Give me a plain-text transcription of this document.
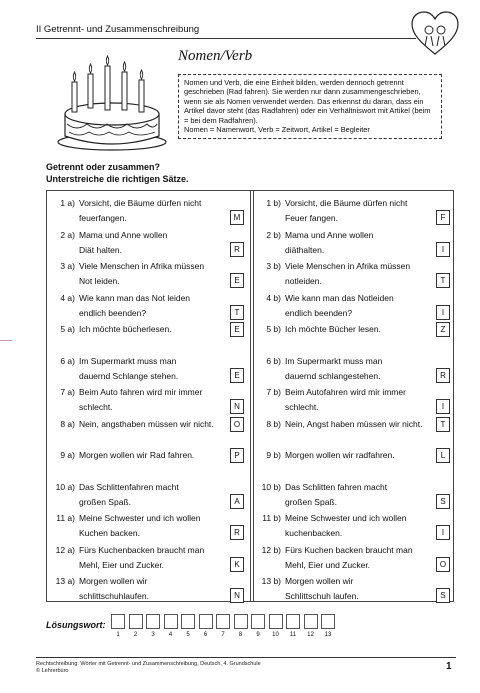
II Getrennt- und Zusammenschreibung
Nomen/Verb

Nomen und Verb, die eine Einheit bilden, werden dennoch getrennt geschrieben (Rad fahren). Sie werden nur dann zusammengeschrieben, wenn sie als Nomen verwendet werden. Das erkennst du daran, dass ein Artikel davor steht (das Radfahren) oder ein Verhältniswort mit Artikel (beim = bei dem Radfahren).

Nomen = Namenwort, Verb = Zeitwort, Artikel = Begleiter

Getrennt oder zusammen?
Unterstreiche die richtigen Sätze.
1 a) Vorsicht, die Bäume dürfen nicht
feuerfangen.	M
1 b) Vorsicht, die Bäume dürfen nicht
Feuer fangen.	F
2 a) Mama und Anne wollen
Diät halten.	R
2 b) Mama und Anne wollen
diäthalten.	I
3 a) Viele Menschen in Afrika müssen
Not leiden.	E
3 b) Viele Menschen in Afrika müssen
notleiden.	T
4 a) Wie kann man das Not leiden
endlich beenden?	T
4 b) Wie kann man das Notleiden
endlich beenden?	I
5 a) Ich möchte bücherlesen.	E	5 b) Ich möchte Bücher lesen.	Z
6 a) Im Supermarkt muss man
dauernd Schlange stehen.	E
6 b) Im Supermarkt muss man
dauernd schlangestehen.	R
7 a) Beim Auto fahren wird mir immer
schlecht.	N
7 b) Beim Autofahren wird mir immer
schlecht.	I
8 a) Nein, angsthaben müssen wir nicht.	O	8 b) Nein, Angst haben müssen wir nicht.	T
9 a) Morgen wollen wir Rad fahren.	P	9 b) Morgen wollen wir radfahren.	L
10 a) Das Schlittenfahren macht
großen Spaß.	A
10 b) Das Schlitten fahren macht
großen Spaß.	S
11 a) Meine Schwester und ich wollen
Kuchen backen.	R
11 b) Meine Schwester und ich wollen
kuchenbacken.	I
12 a) Fürs Kuchenbacken braucht man
Mehl, Eier und Zucker.	K
12 b) Fürs Kuchen backen braucht man
Mehl, Eier und Zucker.	O
13 a) Morgen wollen wir
schlittschuhlaufen.	N
13 b) Morgen wollen wir
Schlittschuh laufen.	S
Lösungswort:
1	2	3	4	5	6	7	8	9	10	11	12	13
Rechtschreibung: Wörter mit Getrennt- und Zusammenschreibung, Deutsch, 4. Grundschule
© Lehrerbüro	1
